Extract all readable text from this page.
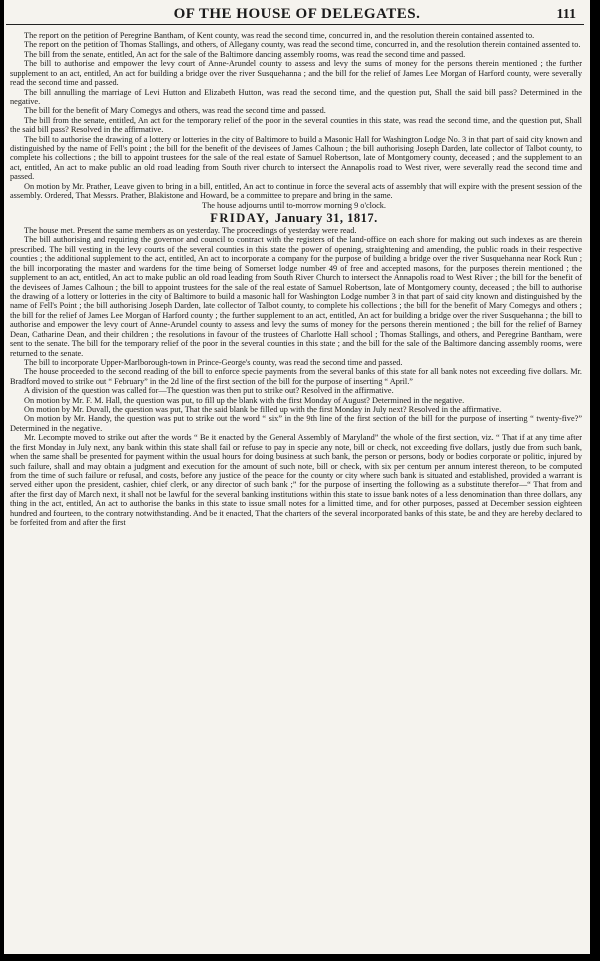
OF THE HOUSE OF DELEGATES.	111

The report on the petition of Peregrine Bantham, of Kent county, was read the second time, concurred in, and the resolution therein contained assented to.

The report on the petition of Thomas Stallings, and others, of Allegany county, was read the second time, concurred in, and the resolution therein contained assented to.

The bill from the senate, entitled, An act for the sale of the Baltimore dancing assembly rooms, was read the second time and passed.

The bill to authorise and empower the levy court of Anne-Arundel county to assess and levy the sums of money for the persons therein mentioned ; the further supplement to an act, entitled, An act for building a bridge over the river Susquehanna ; and the bill for the relief of James Lee Morgan of Harford county, were severally read the second time and passed.

The bill annulling the marriage of Levi Hutton and Elizabeth Hutton, was read the second time, and the question put, Shall the said bill pass? Determined in the negative.

The bill for the benefit of Mary Comegys and others, was read the second time and passed.

The bill from the senate, entitled, An act for the temporary relief of the poor in the several counties in this state, was read the second time, and the question put, Shall the said bill pass? Resolved in the affirmative.

The bill to authorise the drawing of a lottery or lotteries in the city of Baltimore to build a Masonic Hall for Washington Lodge No. 3 in that part of said city known and distinguished by the name of Fell's point ; the bill for the benefit of the devisees of James Calhoun ; the bill authorising Joseph Darden, late collector of Talbot county, to complete his collections ; the bill to appoint trustees for the sale of the real estate of Samuel Robertson, late of Montgomery county, deceased ; and the supplement to an act, entitled, An act to make public an old road leading from South river church to intersect the Annapolis road to West river, were severally read the second time and passed.

On motion by Mr. Prather, Leave given to bring in a bill, entitled, An act to continue in force the several acts of assembly that will expire with the present session of the assembly. Ordered, That Messrs. Prather, Blakistone and Howard, be a committee to prepare and bring in the same.

The house adjourns until to-morrow morning 9 o'clock.

FRIDAY, January 31, 1817.

The house met. Present the same members as on yesterday. The proceedings of yesterday were read.

The bill authorising and requiring the governor and council to contract with the registers of the land-office on each shore for making out such indexes as are therein prescribed. The bill vesting in the levy courts of the several counties in this state the power of opening, straightening and amending, the public roads in their respective counties ; the additional supplement to the act, entitled, An act to incorporate a company for the purpose of building a bridge over the river Susquehanna near Rock Run ; the bill incorporating the master and wardens for the time being of Somerset lodge number 49 of free and accepted masons, for the purposes therein mentioned ; the supplement to an act, entitled, An act to make public an old road leading from South River Church to intersect the Annapolis road to West River ; the bill for the benefit of the devisees of James Calhoun ; the bill to appoint trustees for the sale of the real estate of Samuel Robertson, late of Montgomery county, deceased ; the bill to authorise the drawing of a lottery or lotteries in the city of Baltimore to build a masonic hall for Washington Lodge number 3 in that part of said city known and distinguished by the name of Fell's Point ; the bill authorising Joseph Darden, late collector of Talbot county, to complete his collections ; the bill for the benefit of Mary Comegys and others ; the bill for the relief of James Lee Morgan of Harford county ; the further supplement to an act, entitled, An act for building a bridge over the river Susquehanna ; the bill to authorise and empower the levy court of Anne-Arundel county to assess and levy the sums of money for the persons therein mentioned ; the bill for the relief of Barney Dean, Catharine Dean, and their children ; the resolutions in favour of the trustees of Charlotte Hall school ; Thomas Stallings, and others, and Peregrine Bantham, were sent to the senate. The bill for the temporary relief of the poor in the several counties in this state ; and the bill for the sale of the Baltimore dancing assembly rooms, were returned to the senate.

The bill to incorporate Upper-Marlborough-town in Prince-George's county, was read the second time and passed.

The house proceeded to the second reading of the bill to enforce specie payments from the several banks of this state for all bank notes not exceeding five dollars. Mr. Bradford moved to strike out “ February” in the 2d line of the first section of the bill for the purpose of inserting “ April.”

A division of the question was called for—The question was then put to strike out? Resolved in the affirmative.

On motion by Mr. F. M. Hall, the question was put, to fill up the blank with the first Monday of August? Determined in the negative.

On motion by Mr. Duvall, the question was put, That the said blank be filled up with the first Monday in July next? Resolved in the affirmative.

On motion by Mr. Handy, the question was put to strike out the word “ six” in the 9th line of the first section of the bill for the purpose of inserting “ twenty-five?” Determined in the negative.

Mr. Lecompte moved to strike out after the words “ Be it enacted by the General Assembly of Maryland” the whole of the first section, viz. “ That if at any time after the first Monday in July next, any bank within this state shall fail or refuse to pay in specie any note, bill or check, not exceeding five dollars, justly due from such bank, when the same shall be presented for payment within the usual hours for doing business at such bank, the person or persons, body or bodies corporate or politic, injured by such failure, shall and may obtain a judgment and execution for the amount of such note, bill or check, with six per centum per annum interest thereon, to be computed from the time of such failure or refusal, and costs, before any justice of the peace for the county or city where such bank is situated and established, provided a warrant is served either upon the president, cashier, chief clerk, or any director of such bank ;” for the purpose of inserting the following as a substitute therefor—“ That from and after the first day of March next, it shall not be lawful for the several banking institutions within this state to issue bank notes of a less denomination than three dollars, any thing in the act, entitled, An act to authorise the banks in this state to issue small notes for a limitted time, and for other purposes, passed at December session eighteen hundred and fourteen, to the contrary notwithstanding. And be it enacted, That the charters of the several incorporated banks of this state, be and they are hereby declared to be forfeited from and after the first
